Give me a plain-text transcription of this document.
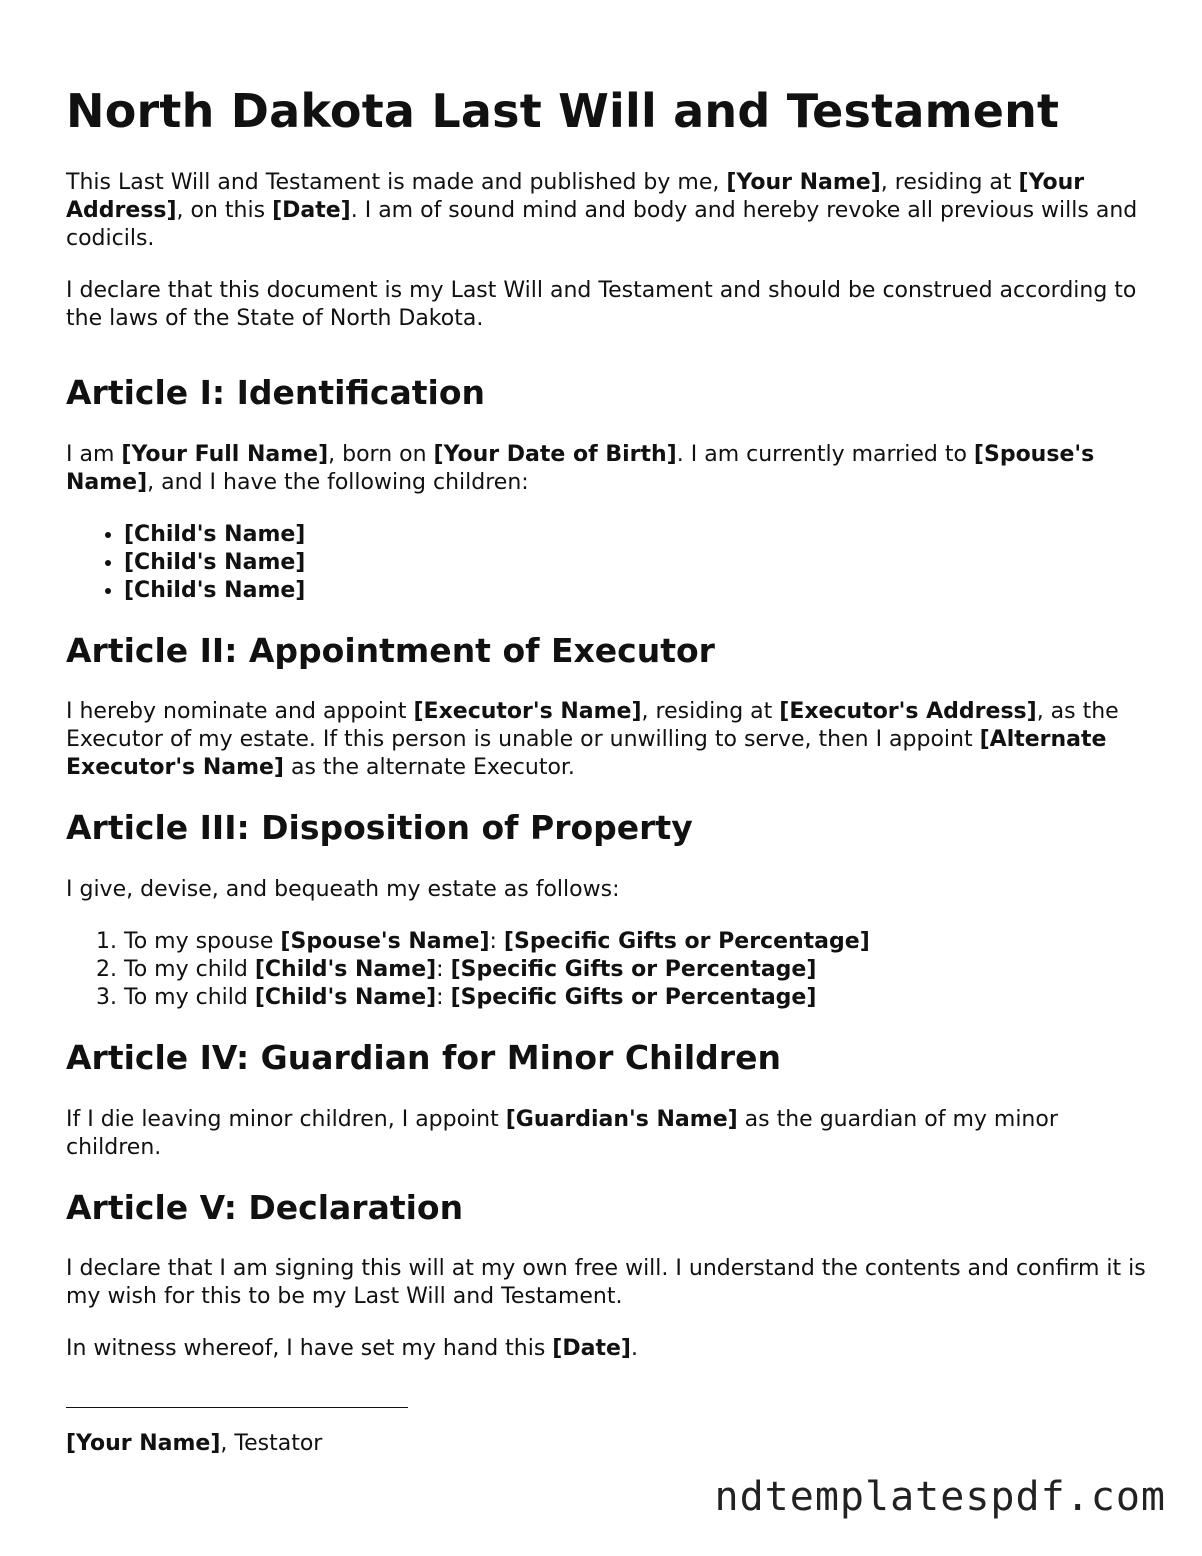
North Dakota Last Will and Testament

This Last Will and Testament is made and published by me, [Your Name], residing at [Your Address], on this [Date]. I am of sound mind and body and hereby revoke all previous wills and codicils.

I declare that this document is my Last Will and Testament and should be construed according to the laws of the State of North Dakota.

Article I: Identification

I am [Your Full Name], born on [Your Date of Birth]. I am currently married to [Spouse's Name], and I have the following children:

• [Child's Name]
• [Child's Name]
• [Child's Name]
Article II: Appointment of Executor

I hereby nominate and appoint [Executor's Name], residing at [Executor's Address], as the Executor of my estate. If this person is unable or unwilling to serve, then I appoint [Alternate Executor's Name] as the alternate Executor.

Article III: Disposition of Property

I give, devise, and bequeath my estate as follows:

1. To my spouse [Spouse's Name]: [Specific Gifts or Percentage]
2. To my child [Child's Name]: [Specific Gifts or Percentage]
3. To my child [Child's Name]: [Specific Gifts or Percentage]
Article IV: Guardian for Minor Children

If I die leaving minor children, I appoint [Guardian's Name] as the guardian of my minor children.

Article V: Declaration

I declare that I am signing this will at my own free will. I understand the contents and confirm it is my wish for this to be my Last Will and Testament.

In witness whereof, I have set my hand this [Date].

[Your Name], Testator

ndtemplatespdf.com
